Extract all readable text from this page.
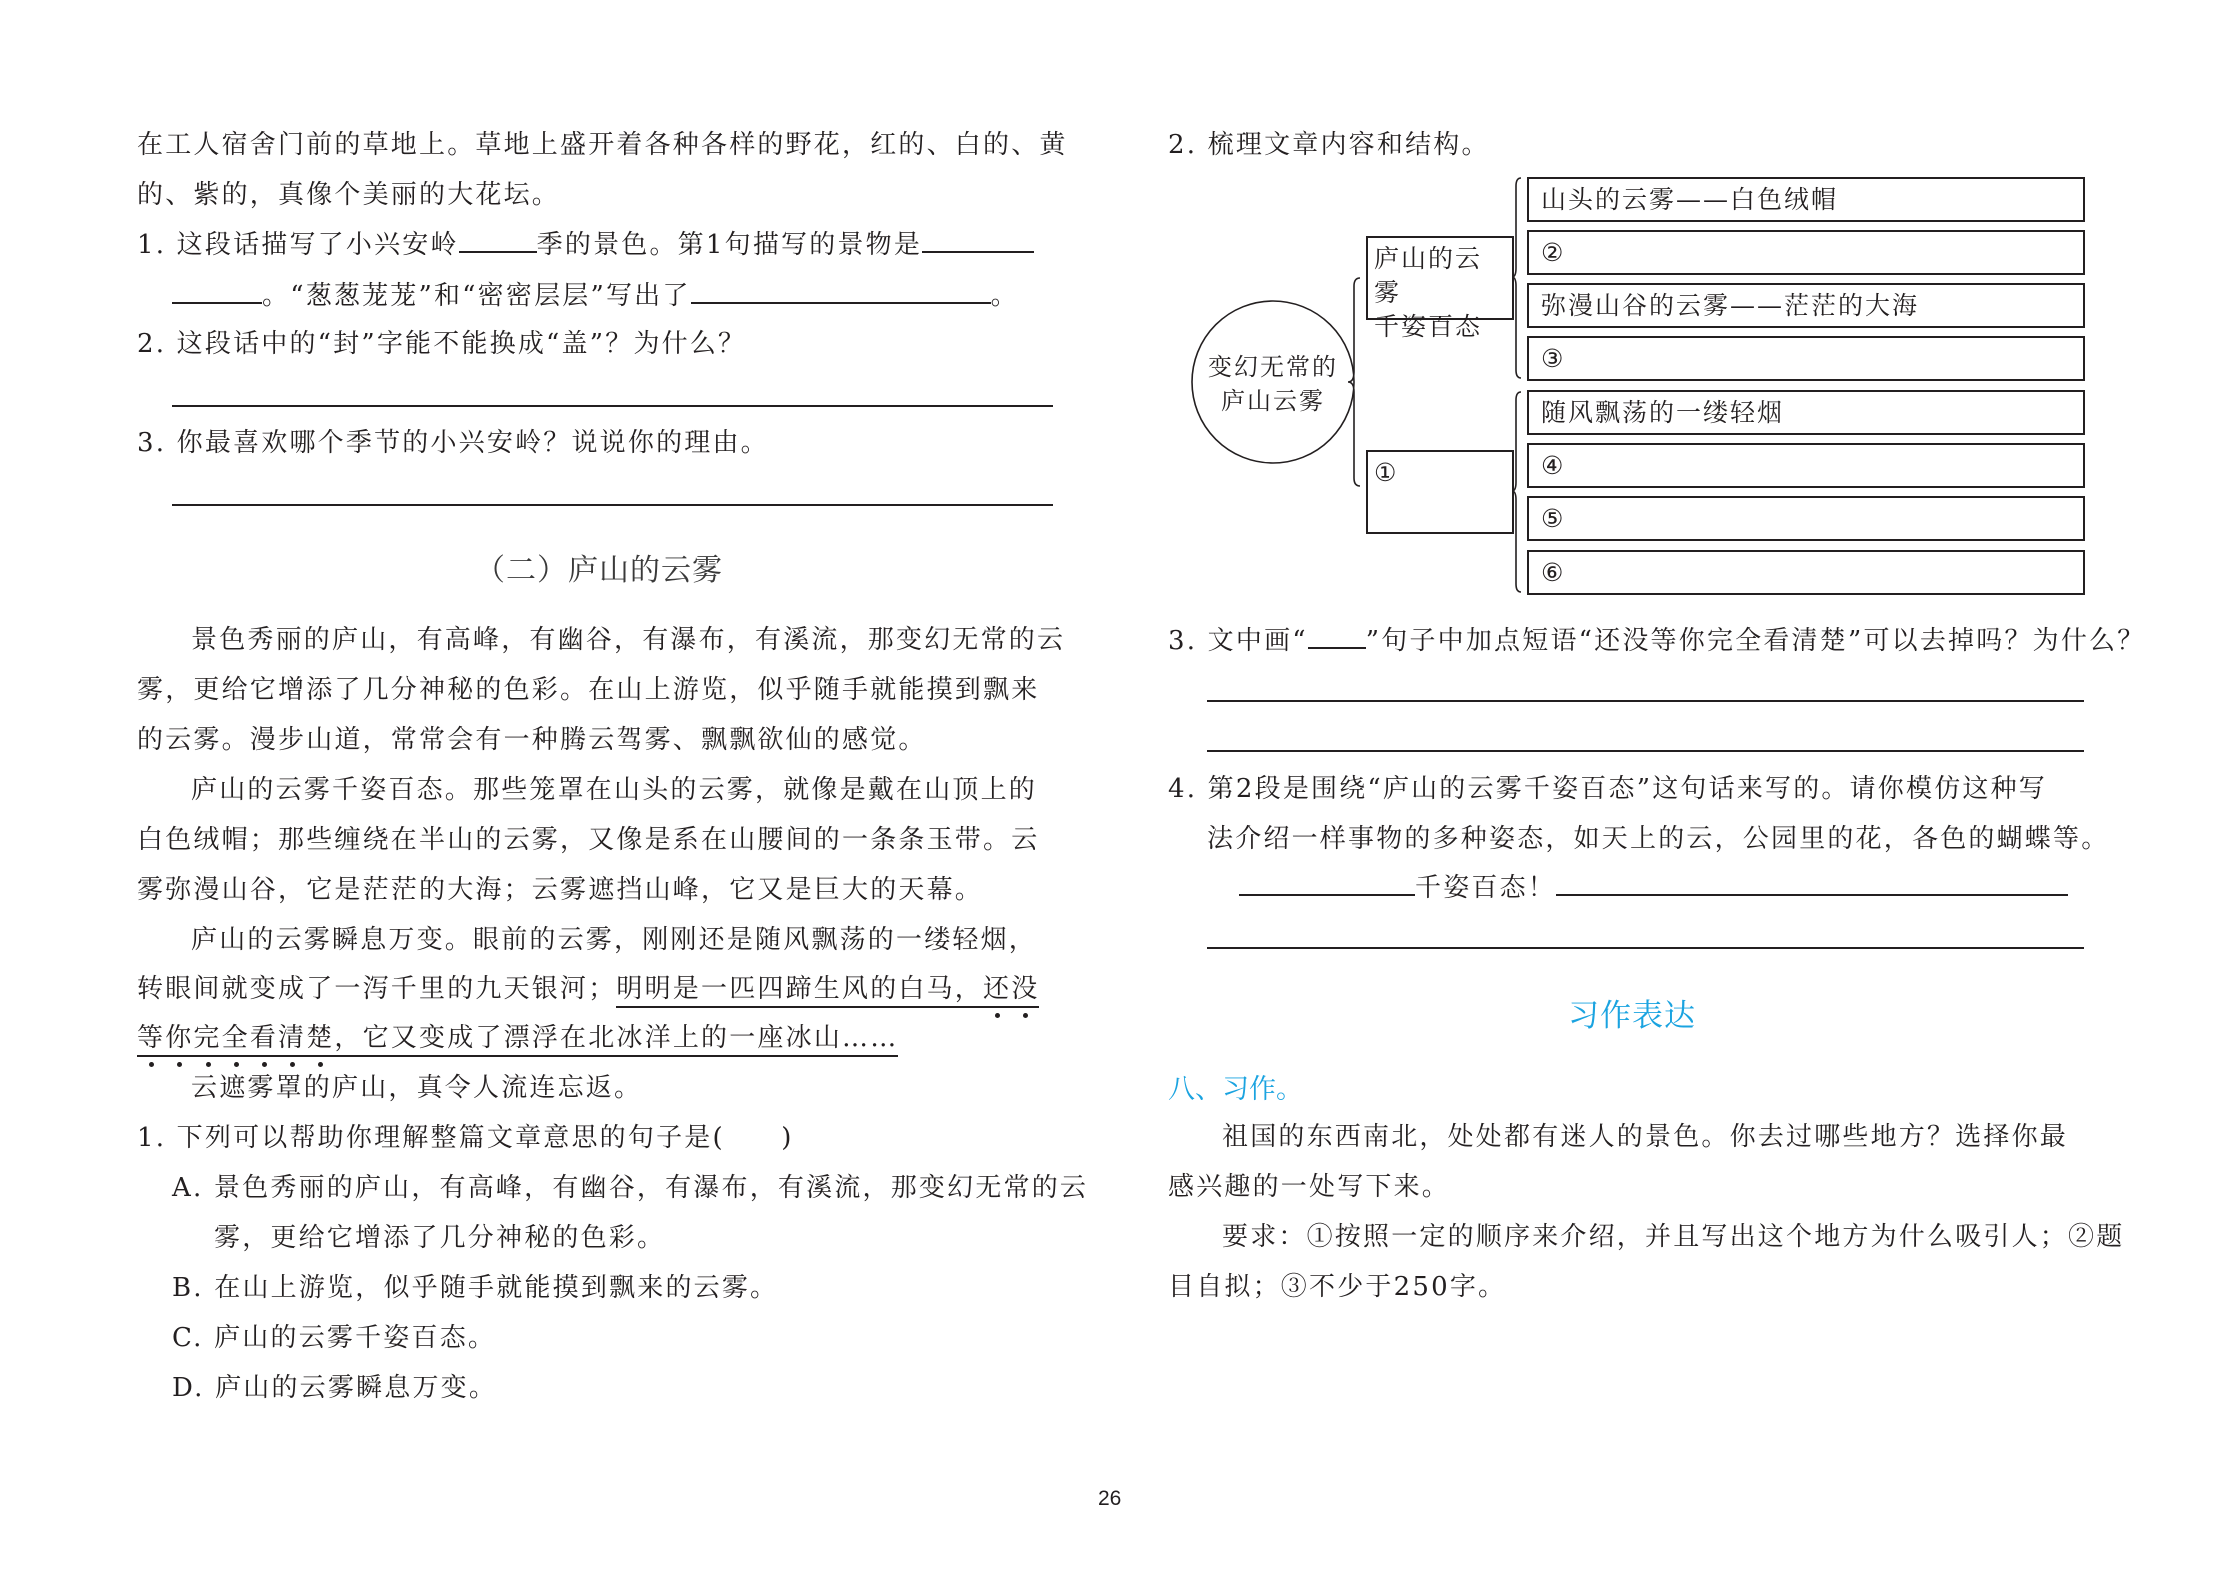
在工人宿舍门前的草地上。草地上盛开着各种各样的野花，红的、白的、黄
的、紫的，真像个美丽的大花坛。
1. 这段话描写了小兴安岭	季的景色。第1句描写的景物是
。“葱葱茏茏”和“密密层层”写出了	。
2. 这段话中的“封”字能不能换成“盖”？为什么？
3. 你最喜欢哪个季节的小兴安岭？说说你的理由。
（二）庐山的云雾
景色秀丽的庐山，有高峰，有幽谷，有瀑布，有溪流，那变幻无常的云
雾，更给它增添了几分神秘的色彩。在山上游览，似乎随手就能摸到飘来
的云雾。漫步山道，常常会有一种腾云驾雾、飘飘欲仙的感觉。
庐山的云雾千姿百态。那些笼罩在山头的云雾，就像是戴在山顶上的
白色绒帽；那些缠绕在半山的云雾，又像是系在山腰间的一条条玉带。云
雾弥漫山谷，它是茫茫的大海；云雾遮挡山峰，它又是巨大的天幕。
庐山的云雾瞬息万变。眼前的云雾，刚刚还是随风飘荡的一缕轻烟，
转眼间就变成了一泻千里的九天银河；明明是一匹四蹄生风的白马，还没
等你完全看清楚，它又变成了漂浮在北冰洋上的一座冰山……
云遮雾罩的庐山，真令人流连忘返。
1. 下列可以帮助你理解整篇文章意思的句子是(　　)
A. 景色秀丽的庐山，有高峰，有幽谷，有瀑布，有溪流，那变幻无常的云
雾，更给它增添了几分神秘的色彩。
B. 在山上游览，似乎随手就能摸到飘来的云雾。
C. 庐山的云雾千姿百态。
D. 庐山的云雾瞬息万变。
2. 梳理文章内容和结构。
变幻无常的
庐山云雾
庐山的云雾
千姿百态
①
山头的云雾——白色绒帽
②
弥漫山谷的云雾——茫茫的大海
③
随风飘荡的一缕轻烟
④
⑤
⑥
3. 文中画“ ”句子中加点短语“还没等你完全看清楚”可以去掉吗？为什么？
4. 第2段是围绕“庐山的云雾千姿百态”这句话来写的。请你模仿这种写
法介绍一样事物的多种姿态，如天上的云，公园里的花，各色的蝴蝶等。
千姿百态！
习作表达
八、习作。
祖国的东西南北，处处都有迷人的景色。你去过哪些地方？选择你最
感兴趣的一处写下来。
要求：①按照一定的顺序来介绍，并且写出这个地方为什么吸引人；②题
目自拟；③不少于250字。
26
